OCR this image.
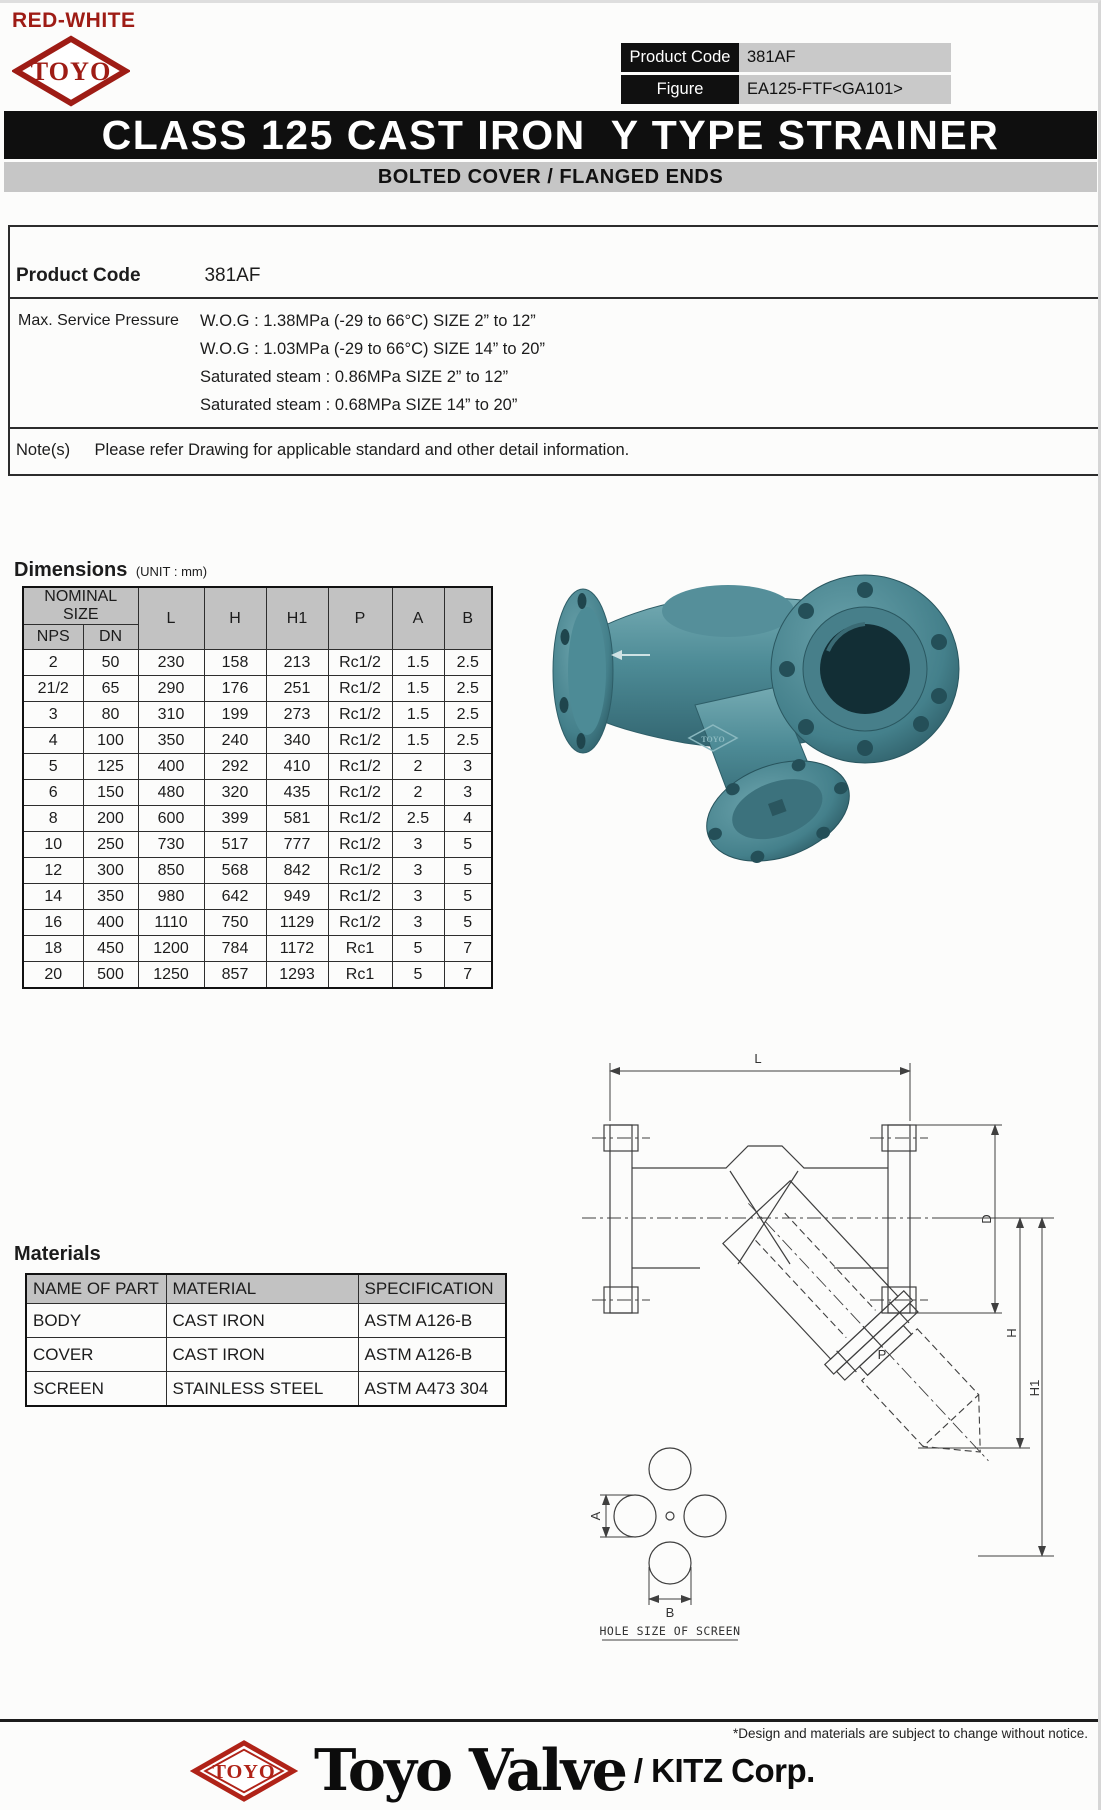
RED-WHITE
TOYO	Product Code	381AF
Figure	EA125-FTF<GA101>
CLASS 125 CAST IRON  Y TYPE STRAINER
BOLTED COVER / FLANGED ENDS
Product Code	381AF
Max. Service Pressure	W.O.G : 1.38MPa (-29 to 66°C) SIZE 2” to 12”
W.O.G : 1.03MPa (-29 to 66°C) SIZE 14” to 20”
Saturated steam : 0.86MPa SIZE 2” to 12”
Saturated steam : 0.68MPa SIZE 14” to 20”
Note(s) Please refer Drawing for applicable standard and other detail information.
Dimensions (UNIT : mm)
NOMINAL SIZE		L	H	H1	P	A	B
NPS	DN						
2	50	230	158	213	Rc1/2	1.5	2.5
21/2	65	290	176	251	Rc1/2	1.5	2.5
3	80	310	199	273	Rc1/2	1.5	2.5
4	100	350	240	340	Rc1/2	1.5	2.5
5	125	400	292	410	Rc1/2	2	3
6	150	480	320	435	Rc1/2	2	3
8	200	600	399	581	Rc1/2	2.5	4
10	250	730	517	777	Rc1/2	3	5
12	300	850	568	842	Rc1/2	3	5
14	350	980	642	949	Rc1/2	3	5
16	400	1110	750	1129	Rc1/2	3	5
18	450	1200	784	1172	Rc1	5	7
20	500	1250	857	1293	Rc1	5	7
TOYO
Materials
NAME OF PART	MATERIAL	SPECIFICATION
BODY	CAST IRON	ASTM A126-B
COVER	CAST IRON	ASTM A126-B
SCREEN	STAINLESS STEEL	ASTM A473 304
P
L
D
H
H1
A
B
HOLE SIZE OF SCREEN
*Design and materials are subject to change without notice.
TOYO Toyo Valve / KITZ Corp.
